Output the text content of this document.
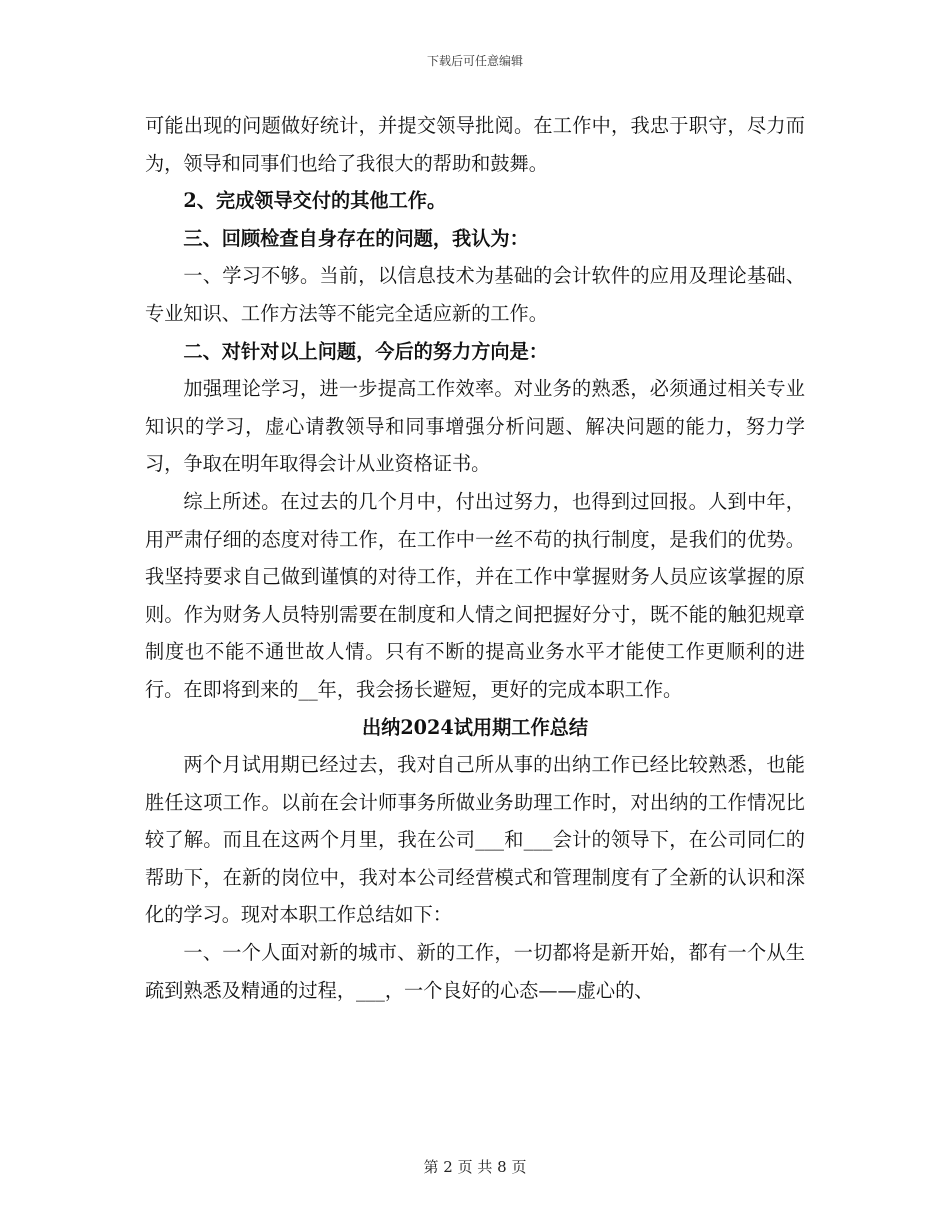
下载后可任意编辑

可能出现的问题做好统计，并提交领导批阅。在工作中，我忠于职守，尽力而为，领导和同事们也给了我很大的帮助和鼓舞。

2、完成领导交付的其他工作。

三、回顾检查自身存在的问题，我认为：

一、学习不够。当前，以信息技术为基础的会计软件的应用及理论基础、专业知识、工作方法等不能完全适应新的工作。

二、对针对以上问题，今后的努力方向是：

加强理论学习，进一步提高工作效率。对业务的熟悉，必须通过相关专业知识的学习，虚心请教领导和同事增强分析问题、解决问题的能力，努力学习，争取在明年取得会计从业资格证书。

综上所述。在过去的几个月中，付出过努力，也得到过回报。人到中年，用严肃仔细的态度对待工作，在工作中一丝不苟的执行制度，是我们的优势。我坚持要求自己做到谨慎的对待工作，并在工作中掌握财务人员应该掌握的原则。作为财务人员特别需要在制度和人情之间把握好分寸，既不能的触犯规章制度也不能不通世故人情。只有不断的提高业务水平才能使工作更顺利的进行。在即将到来的__年，我会扬长避短，更好的完成本职工作。

出纳2024试用期工作总结

两个月试用期已经过去，我对自己所从事的出纳工作已经比较熟悉，也能胜任这项工作。以前在会计师事务所做业务助理工作时，对出纳的工作情况比较了解。而且在这两个月里，我在公司___和___会计的领导下，在公司同仁的帮助下，在新的岗位中，我对本公司经营模式和管理制度有了全新的认识和深化的学习。现对本职工作总结如下：

一、一个人面对新的城市、新的工作，一切都将是新开始，都有一个从生疏到熟悉及精通的过程，___，一个良好的心态——虚心的、

第 2 页 共 8 页
